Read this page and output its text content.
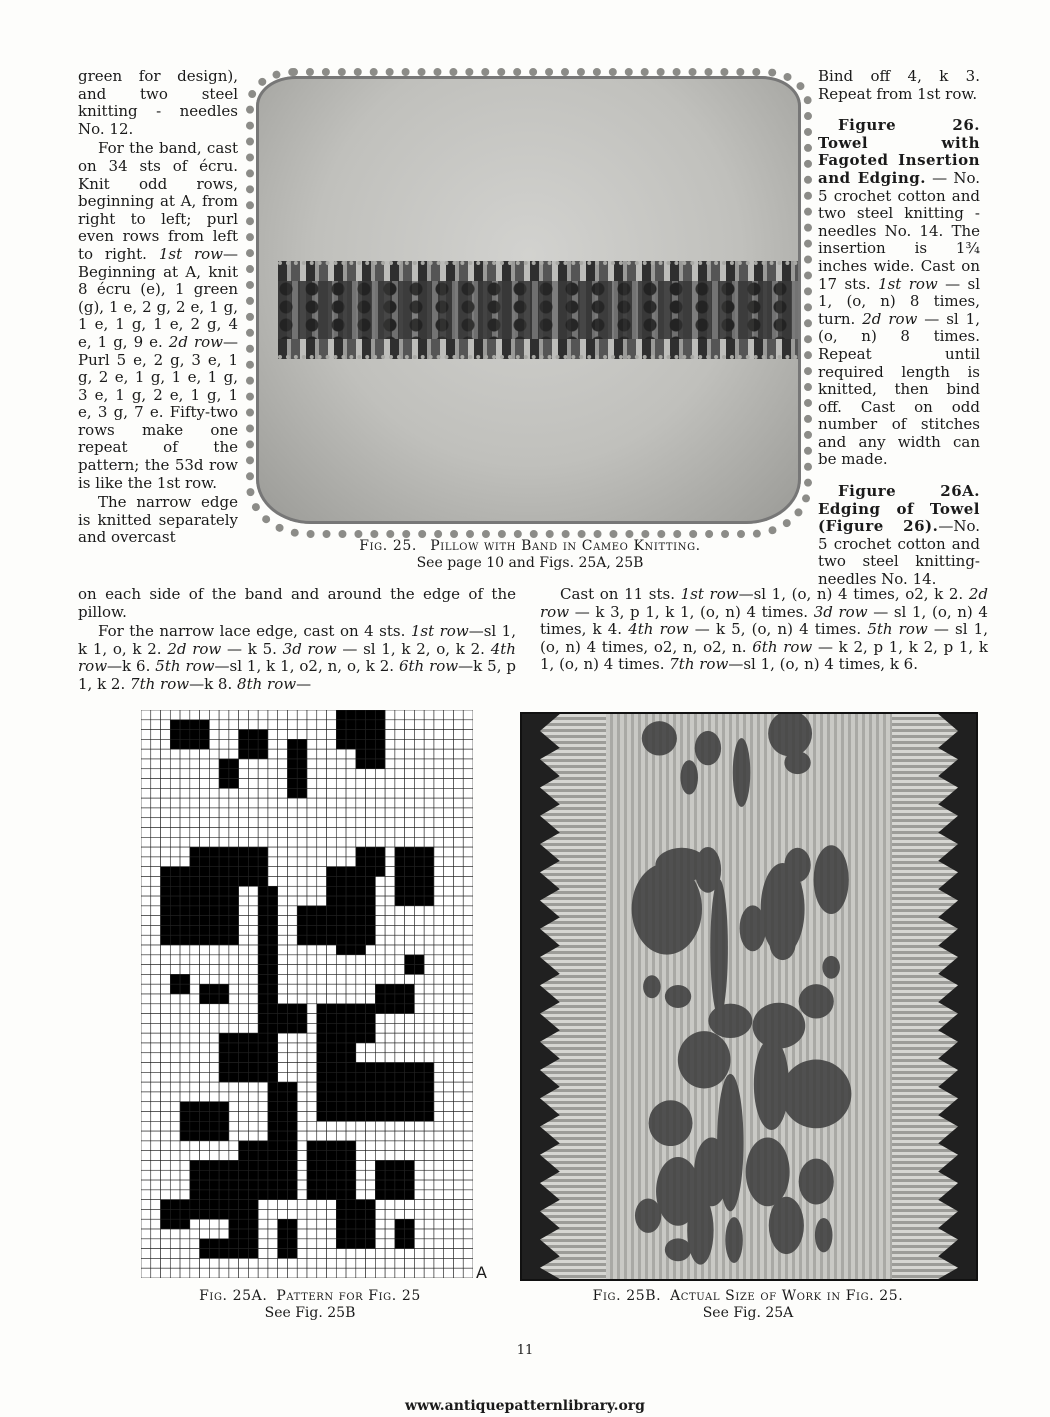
green for design), and two steel knitting - needles No. 12.

For the band, cast on 34 sts of écru. Knit odd rows, beginning at A, from right to left; purl even rows from left to right. 1st row—Beginning at A, knit 8 écru (e), 1 green (g), 1 e, 2 g, 2 e, 1 g, 1 e, 1 g, 1 e, 2 g, 4 e, 1 g, 9 e. 2d row—Purl 5 e, 2 g, 3 e, 1 g, 2 e, 1 g, 1 e, 1 g, 3 e, 1 g, 2 e, 1 g, 1 e, 3 g, 7 e. Fifty-two rows make one repeat of the pattern; the 53d row is like the 1st row.

The narrow edge is knitted separately and overcast	Fig. 25. Pillow with Band in Cameo Knitting.
See page 10 and Figs. 25A, 25B

Bind off 4, k 3. Repeat from 1st row.

Figure 26. Towel with Fagoted Insertion and Edging. — No. 5 crochet cotton and two steel knitting - needles No. 14. The insertion is 1¾ inches wide. Cast on 17 sts. 1st row — sl 1, (o, n) 8 times, turn. 2d row — sl 1, (o, n) 8 times. Repeat until required length is knitted, then bind off. Cast on odd number of stitches and any width can be made.

Figure 26A. Edging of Towel (Figure 26).—No. 5 crochet cotton and two steel knitting-needles No. 14.

on each side of the band and around the edge of the pillow.

For the narrow lace edge, cast on 4 sts. 1st row—sl 1, k 1, o, k 2. 2d row — k 5. 3d row — sl 1, k 2, o, k 2. 4th row—k 6. 5th row—sl 1, k 1, o2, n, o, k 2. 6th row—k 5, p 1, k 2. 7th row—k 8. 8th row—

Cast on 11 sts. 1st row—sl 1, (o, n) 4 times, o2, k 2. 2d row — k 3, p 1, k 1, (o, n) 4 times. 3d row — sl 1, (o, n) 4 times, k 4. 4th row — k 5, (o, n) 4 times. 5th row — sl 1, (o, n) 4 times, o2, n, o2, n. 6th row — k 2, p 1, k 2, p 1, k 1, (o, n) 4 times. 7th row—sl 1, (o, n) 4 times, k 6.

A
Fig. 25A. Pattern for Fig. 25
See Fig. 25B
Fig. 25B. Actual Size of Work in Fig. 25.
See Fig. 25A
11
www.antiquepatternlibrary.org
